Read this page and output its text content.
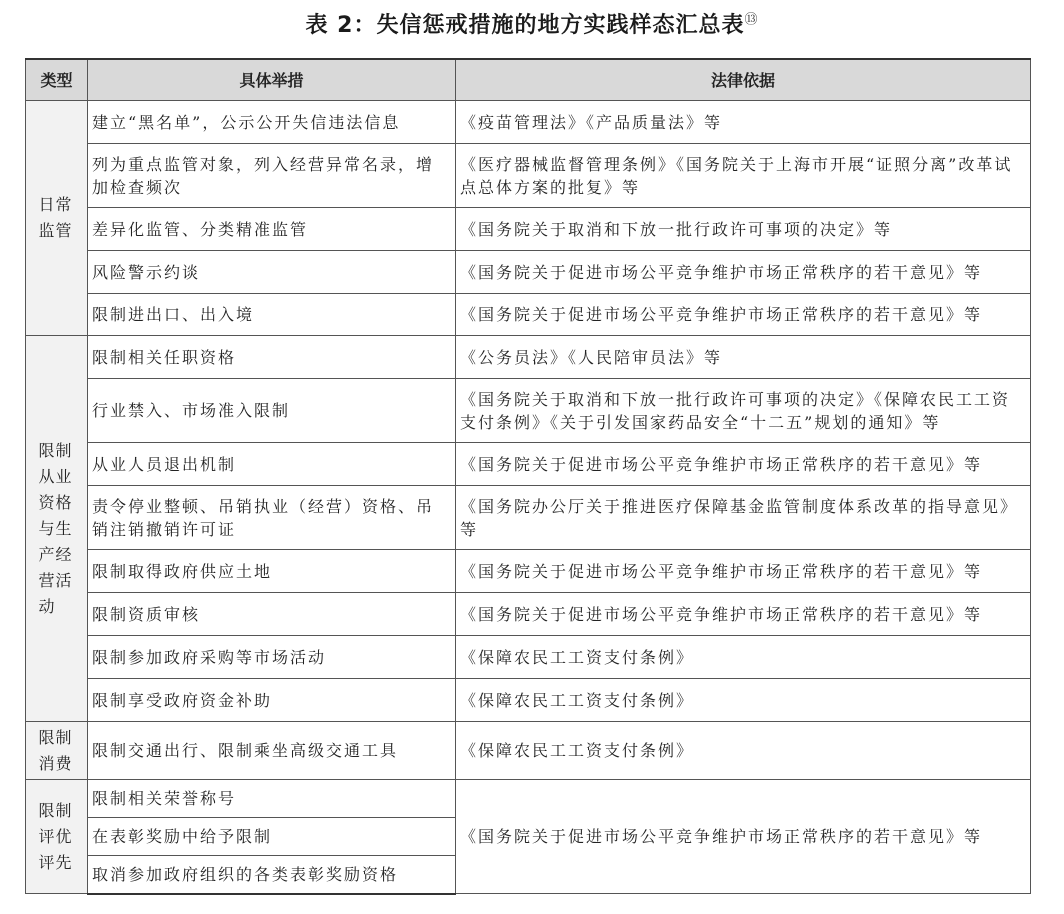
表 2：失信惩戒措施的地方实践样态汇总表⑬
类型	具体举措	法律依据
日常监管	建立“黑名单”，公示公开失信违法信息	《疫苗管理法》《产品质量法》等
	列为重点监管对象，列入经营异常名录，增加检查频次	《医疗器械监督管理条例》《国务院关于上海市开展“证照分离”改革试点总体方案的批复》等
	差异化监管、分类精准监管	《国务院关于取消和下放一批行政许可事项的决定》等
	风险警示约谈	《国务院关于促进市场公平竞争维护市场正常秩序的若干意见》等
	限制进出口、出入境	《国务院关于促进市场公平竞争维护市场正常秩序的若干意见》等
限制从业资格与生产经营活动	限制相关任职资格	《公务员法》《人民陪审员法》等
	行业禁入、市场准入限制	《国务院关于取消和下放一批行政许可事项的决定》《保障农民工工资支付条例》《关于引发国家药品安全“十二五”规划的通知》等
	从业人员退出机制	《国务院关于促进市场公平竞争维护市场正常秩序的若干意见》等
	责令停业整顿、吊销执业（经营）资格、吊销注销撤销许可证	《国务院办公厅关于推进医疗保障基金监管制度体系改革的指导意见》等
	限制取得政府供应土地	《国务院关于促进市场公平竞争维护市场正常秩序的若干意见》等
	限制资质审核	《国务院关于促进市场公平竞争维护市场正常秩序的若干意见》等
	限制参加政府采购等市场活动	《保障农民工工资支付条例》
	限制享受政府资金补助	《保障农民工工资支付条例》
限制消费	限制交通出行、限制乘坐高级交通工具	《保障农民工工资支付条例》
限制评优评先	限制相关荣誉称号	《国务院关于促进市场公平竞争维护市场正常秩序的若干意见》等
	在表彰奖励中给予限制	
	取消参加政府组织的各类表彰奖励资格	
